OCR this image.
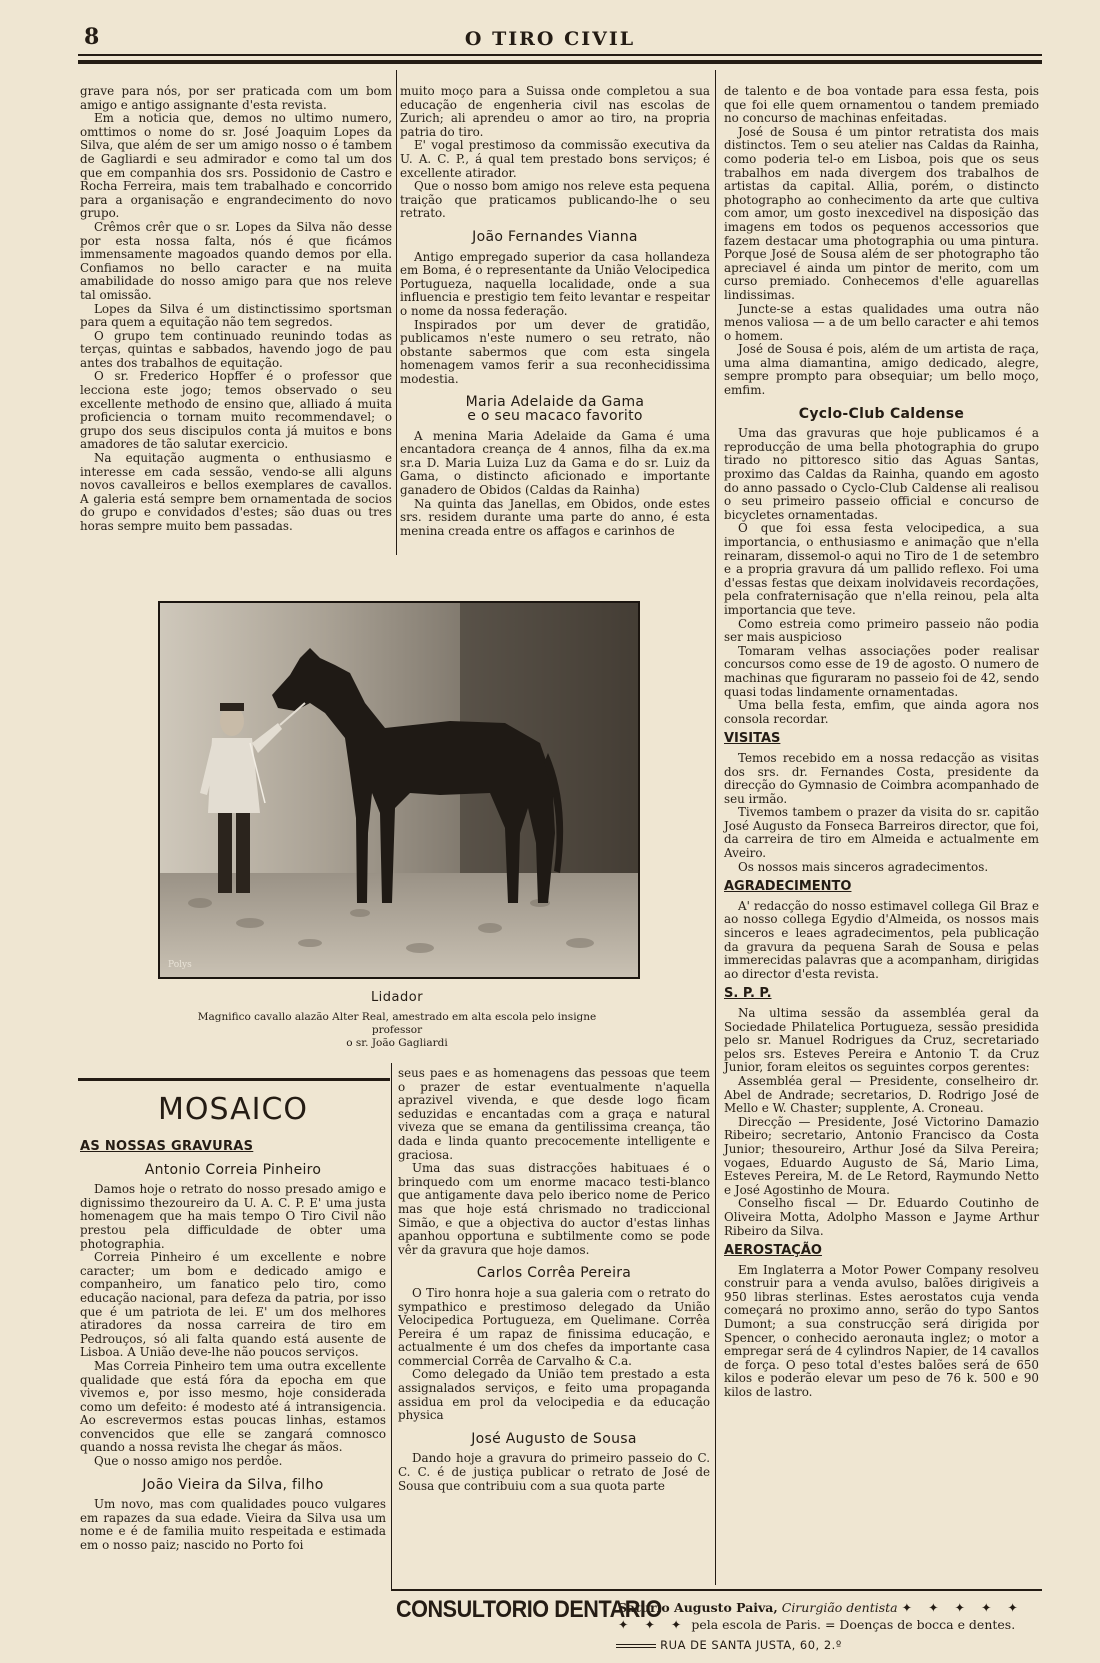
8	O TIRO CIVIL

grave para nós, por ser praticada com um bom amigo e antigo assignante d'esta revista.

Em a noticia que, demos no ultimo numero, omttimos o nome do sr. José Joaquim Lopes da Silva, que além de ser um amigo nosso o é tambem de Gagliardi e seu admirador e como tal um dos que em companhia dos srs. Possidonio de Castro e Rocha Ferreira, mais tem trabalhado e concorrido para a organisação e engrandecimento do novo grupo.

Crêmos crêr que o sr. Lopes da Silva não desse por esta nossa falta, nós é que ficámos immensamente magoados quando demos por ella. Confiamos no bello caracter e na muita amabilidade do nosso amigo para que nos releve tal omissão.

Lopes da Silva é um distinctissimo sportsman para quem a equitação não tem segredos.

O grupo tem continuado reunindo todas as terças, quintas e sabbados, havendo jogo de pau antes dos trabalhos de equitação.

O sr. Frederico Hopffer é o professor que lecciona este jogo; temos observado o seu excellente methodo de ensino que, alliado á muita proficiencia o tornam muito recommendavel; o grupo dos seus discipulos conta já muitos e bons amadores de tão salutar exercicio.

Na equitação augmenta o enthusiasmo e interesse em cada sessão, vendo-se alli alguns novos cavalleiros e bellos exemplares de cavallos. A galeria está sempre bem ornamentada de socios do grupo e convidados d'estes; são duas ou tres horas sempre muito bem passadas.

muito moço para a Suissa onde completou a sua educação de engenheria civil nas escolas de Zurich; ali aprendeu o amor ao tiro, na propria patria do tiro.

E' vogal prestimoso da commissão executiva da U. A. C. P., á qual tem prestado bons serviços; é excellente atirador.

Que o nosso bom amigo nos releve esta pequena traição que praticamos publicando-lhe o seu retrato.

João Fernandes Vianna

Antigo empregado superior da casa hollandeza em Boma, é o representante da União Velocipedica Portugueza, naquella localidade, onde a sua influencia e prestigio tem feito levantar e respeitar o nome da nossa federação.

Inspirados por um dever de gratidão, publicamos n'este numero o seu retrato, não obstante sabermos que com esta singela homenagem vamos ferir a sua reconhecidissima modestia.

Maria Adelaide da Gama
e o seu macaco favorito

A menina Maria Adelaide da Gama é uma encantadora creança de 4 annos, filha da ex.ma sr.a D. Maria Luiza Luz da Gama e do sr. Luiz da Gama, o distincto aficionado e importante ganadero de Obidos (Caldas da Rainha)

Na quinta das Janellas, em Obidos, onde estes srs. residem durante uma parte do anno, é esta menina creada entre os affagos e carinhos de

de talento e de boa vontade para essa festa, pois que foi elle quem ornamentou o tandem premiado no concurso de machinas enfeitadas.

José de Sousa é um pintor retratista dos mais distinctos. Tem o seu atelier nas Caldas da Rainha, como poderia tel-o em Lisboa, pois que os seus trabalhos em nada divergem dos trabalhos de artistas da capital. Allia, porém, o distincto photographo ao conhecimento da arte que cultiva com amor, um gosto inexcedivel na disposição das imagens em todos os pequenos accessorios que fazem destacar uma photographia ou uma pintura. Porque José de Sousa além de ser photographo tão apreciavel é ainda um pintor de merito, com um curso premiado. Conhecemos d'elle aguarellas lindissimas.

Juncte-se a estas qualidades uma outra não menos valiosa — a de um bello caracter e ahi temos o homem.

José de Sousa é pois, além de um artista de raça, uma alma diamantina, amigo dedicado, alegre, sempre prompto para obsequiar; um bello moço, emfim.

Cyclo-Club Caldense

Uma das gravuras que hoje publicamos é a reproducção de uma bella photographia do grupo tirado no pittoresco sitio das Aguas Santas, proximo das Caldas da Rainha, quando em agosto do anno passado o Cyclo-Club Caldense ali realisou o seu primeiro passeio official e concurso de bicycletes ornamentadas.

O que foi essa festa velocipedica, a sua importancia, o enthusiasmo e animação que n'ella reinaram, dissemol-o aqui no Tiro de 1 de setembro e a propria gravura dá um pallido reflexo. Foi uma d'essas festas que deixam inolvidaveis recordações, pela confraternisação que n'ella reinou, pela alta importancia que teve.

Como estreia como primeiro passeio não podia ser mais auspicioso

Tomaram velhas associações poder realisar concursos como esse de 19 de agosto. O numero de machinas que figuraram no passeio foi de 42, sendo quasi todas lindamente ornamentadas.

Uma bella festa, emfim, que ainda agora nos consola recordar.

VISITAS

Temos recebido em a nossa redacção as visitas dos srs. dr. Fernandes Costa, presidente da direcção do Gymnasio de Coimbra acompanhado de seu irmão.

Tivemos tambem o prazer da visita do sr. capitão José Augusto da Fonseca Barreiros director, que foi, da carreira de tiro em Almeida e actualmente em Aveiro.

Os nossos mais sinceros agradecimentos.

AGRADECIMENTO

A' redacção do nosso estimavel collega Gil Braz e ao nosso collega Egydio d'Almeida, os nossos mais sinceros e leaes agradecimentos, pela publicação da gravura da pequena Sarah de Sousa e pelas immerecidas palavras que a acompanham, dirigidas ao director d'esta revista.

S. P. P.

Na ultima sessão da assembléa geral da Sociedade Philatelica Portugueza, sessão presidida pelo sr. Manuel Rodrigues da Cruz, secretariado pelos srs. Esteves Pereira e Antonio T. da Cruz Junior, foram eleitos os seguintes corpos gerentes:

Assembléa geral — Presidente, conselheiro dr. Abel de Andrade; secretarios, D. Rodrigo José de Mello e W. Chaster; supplente, A. Croneau.

Direcção — Presidente, José Victorino Damazio Ribeiro; secretario, Antonio Francisco da Costa Junior; thesoureiro, Arthur José da Silva Pereira; vogaes, Eduardo Augusto de Sá, Mario Lima, Esteves Pereira, M. de Le Retord, Raymundo Netto e José Agostinho de Moura.

Conselho fiscal — Dr. Eduardo Coutinho de Oliveira Motta, Adolpho Masson e Jayme Arthur Ribeiro da Silva.

AEROSTAÇÃO

Em Inglaterra a Motor Power Company resolveu construir para a venda avulso, balões dirigiveis a 950 libras sterlinas. Estes aerostatos cuja venda começará no proximo anno, serão do typo Santos Dumont; a sua construcção será dirigida por Spencer, o conhecido aeronauta inglez; o motor a empregar será de 4 cylindros Napier, de 14 cavallos de força. O peso total d'estes balões será de 650 kilos e poderão elevar um peso de 76 k. 500 e 90 kilos de lastro.

Polys
Lidador
Magnifico cavallo alazão Alter Real, amestrado em alta escola pelo insigne professor
o sr. João Gagliardi
MOSAICO
AS NOSSAS GRAVURAS
Antonio Correia Pinheiro

Damos hoje o retrato do nosso presado amigo e dignissimo thezoureiro da U. A. C. P. E' uma justa homenagem que ha mais tempo O Tiro Civil não prestou pela difficuldade de obter uma photographia.

Correia Pinheiro é um excellente e nobre caracter; um bom e dedicado amigo e companheiro, um fanatico pelo tiro, como educação nacional, para defeza da patria, por isso que é um patriota de lei. E' um dos melhores atiradores da nossa carreira de tiro em Pedrouços, só ali falta quando está ausente de Lisboa. A União deve-lhe não poucos serviços.

Mas Correia Pinheiro tem uma outra excellente qualidade que está fóra da epocha em que vivemos e, por isso mesmo, hoje considerada como um defeito: é modesto até á intransigencia. Ao escrevermos estas poucas linhas, estamos convencidos que elle se zangará comnosco quando a nossa revista lhe chegar ás mãos.

Que o nosso amigo nos perdôe.

João Vieira da Silva, filho

Um novo, mas com qualidades pouco vulgares em rapazes da sua edade. Vieira da Silva usa um nome e é de familia muito respeitada e estimada em o nosso paiz; nascido no Porto foi

seus paes e as homenagens das pessoas que teem o prazer de estar eventualmente n'aquella aprazivel vivenda, e que desde logo ficam seduzidas e encantadas com a graça e natural viveza que se emana da gentilissima creança, tão dada e linda quanto precocemente intelligente e graciosa.

Uma das suas distracções habituaes é o brinquedo com um enorme macaco testi-blanco que antigamente dava pelo iberico nome de Perico mas que hoje está chrismado no tradiccional Simão, e que a objectiva do auctor d'estas linhas apanhou opportuna e subtilmente como se pode vêr da gravura que hoje damos.

Carlos Corrêa Pereira

O Tiro honra hoje a sua galeria com o retrato do sympathico e prestimoso delegado da União Velocipedica Portugueza, em Quelimane. Corrêa Pereira é um rapaz de finissima educação, e actualmente é um dos chefes da importante casa commercial Corrêa de Carvalho & C.a.

Como delegado da União tem prestado a esta assignalados serviços, e feito uma propaganda assidua em prol da velocipedia e da educação physica

José Augusto de Sousa

Dando hoje a gravura do primeiro passeio do C. C. C. é de justiça publicar o retrato de José de Sousa que contribuiu com a sua quota parte

CONSULTORIO DENTARIO
Saturio Augusto Paiva, Cirurgião dentista ✦ ✦ ✦ ✦ ✦
✦ ✦ ✦ pela escola de Paris. = Doenças de bocca e dentes.
RUA DE SANTA JUSTA, 60, 2.º
